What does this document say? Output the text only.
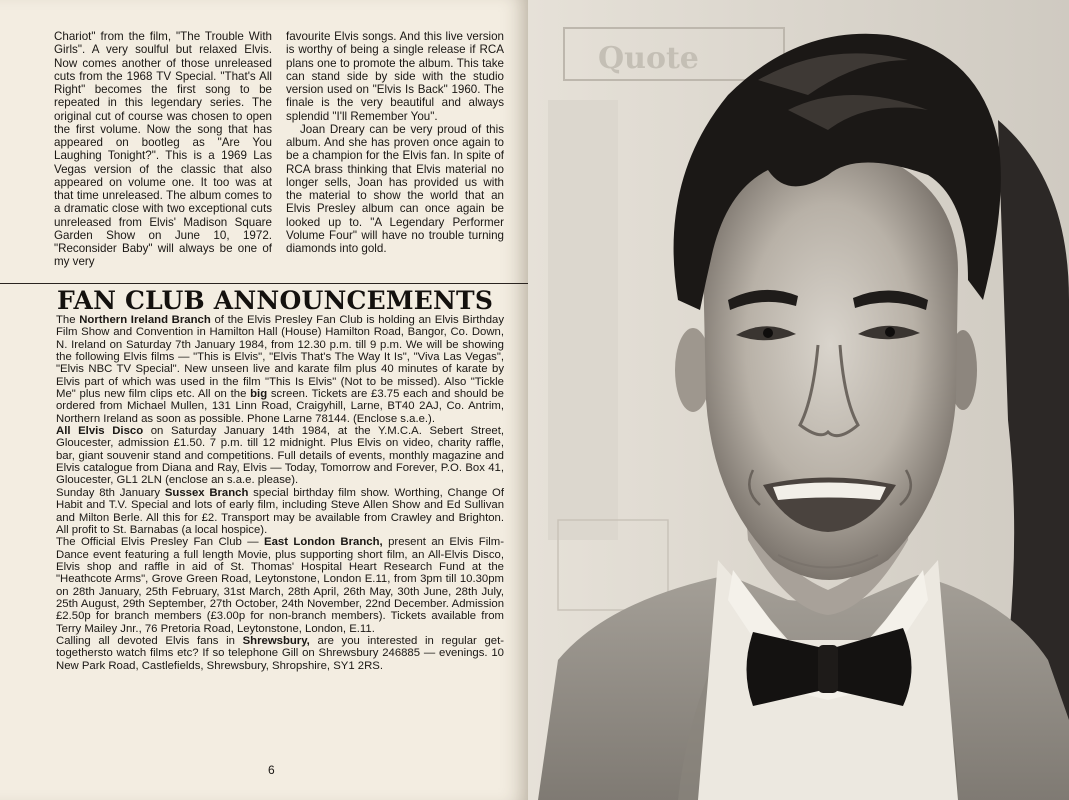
Chariot" from the film, "The Trouble With Girls". A very soulful but relaxed Elvis. Now comes another of those unreleased cuts from the 1968 TV Special. "That's All Right" becomes the first song to be repeated in this legendary series. The original cut of course was chosen to open the first volume. Now the song that has appeared on bootleg as "Are You Laughing Tonight?". This is a 1969 Las Vegas version of the classic that also appeared on volume one. It too was at that time unreleased. The album comes to a dramatic close with two exceptional cuts unreleased from Elvis' Madison Square Garden Show on June 10, 1972. "Reconsider Baby" will always be one of my very

favourite Elvis songs. And this live version is worthy of being a single release if RCA plans one to promote the album. This take can stand side by side with the studio version used on "Elvis Is Back" 1960. The finale is the very beautiful and always splendid "I'll Remember You".

Joan Dreary can be very proud of this album. And she has proven once again to be a champion for the Elvis fan. In spite of RCA brass thinking that Elvis material no longer sells, Joan has provided us with the material to show the world that an Elvis Presley album can once again be looked up to. "A Legendary Performer Volume Four" will have no trouble turning diamonds into gold.

FAN CLUB ANNOUNCEMENTS

The Northern Ireland Branch of the Elvis Presley Fan Club is holding an Elvis Birthday Film Show and Convention in Hamilton Hall (House) Hamilton Road, Bangor, Co. Down, N. Ireland on Saturday 7th January 1984, from 12.30 p.m. till 9 p.m. We will be showing the following Elvis films — "This is Elvis", "Elvis That's The Way It Is", "Viva Las Vegas", "Elvis NBC TV Special". New unseen live and karate film plus 40 minutes of karate by Elvis part of which was used in the film "This Is Elvis" (Not to be missed). Also "Tickle Me" plus new film clips etc. All on the big screen. Tickets are £3.75 each and should be ordered from Michael Mullen, 131 Linn Road, Craigyhill, Larne, BT40 2AJ, Co. Antrim, Northern Ireland as soon as possible. Phone Larne 78144. (Enclose s.a.e.).

All Elvis Disco on Saturday January 14th 1984, at the Y.M.C.A. Sebert Street, Gloucester, admission £1.50. 7 p.m. till 12 midnight. Plus Elvis on video, charity raffle, bar, giant souvenir stand and competitions. Full details of events, monthly magazine and Elvis catalogue from Diana and Ray, Elvis — Today, Tomorrow and Forever, P.O. Box 41, Gloucester, GL1 2LN (enclose an s.a.e. please).

Sunday 8th January Sussex Branch special birthday film show. Worthing, Change Of Habit and T.V. Special and lots of early film, including Steve Allen Show and Ed Sullivan and Milton Berle. All this for £2. Transport may be available from Crawley and Brighton. All profit to St. Barnabas (a local hospice).

The Official Elvis Presley Fan Club — East London Branch, present an Elvis Film-Dance event featuring a full length Movie, plus supporting short film, an All-Elvis Disco, Elvis shop and raffle in aid of St. Thomas' Hospital Heart Research Fund at the "Heathcote Arms", Grove Green Road, Leytonstone, London E.11, from 3pm till 10.30pm on 28th January, 25th February, 31st March, 28th April, 26th May, 30th June, 28th July, 25th August, 29th September, 27th October, 24th November, 22nd December. Admission £2.50p for branch members (£3.00p for non-branch members). Tickets available from Terry Mailey Jnr., 76 Pretoria Road, Leytonstone, London, E.11.

Calling all devoted Elvis fans in Shrewsbury, are you interested in regular get-togethersto watch films etc? If so telephone Gill on Shrewsbury 246885 — evenings. 10 New Park Road, Castlefields, Shrewsbury, Shropshire, SY1 2RS.

6
Quote
